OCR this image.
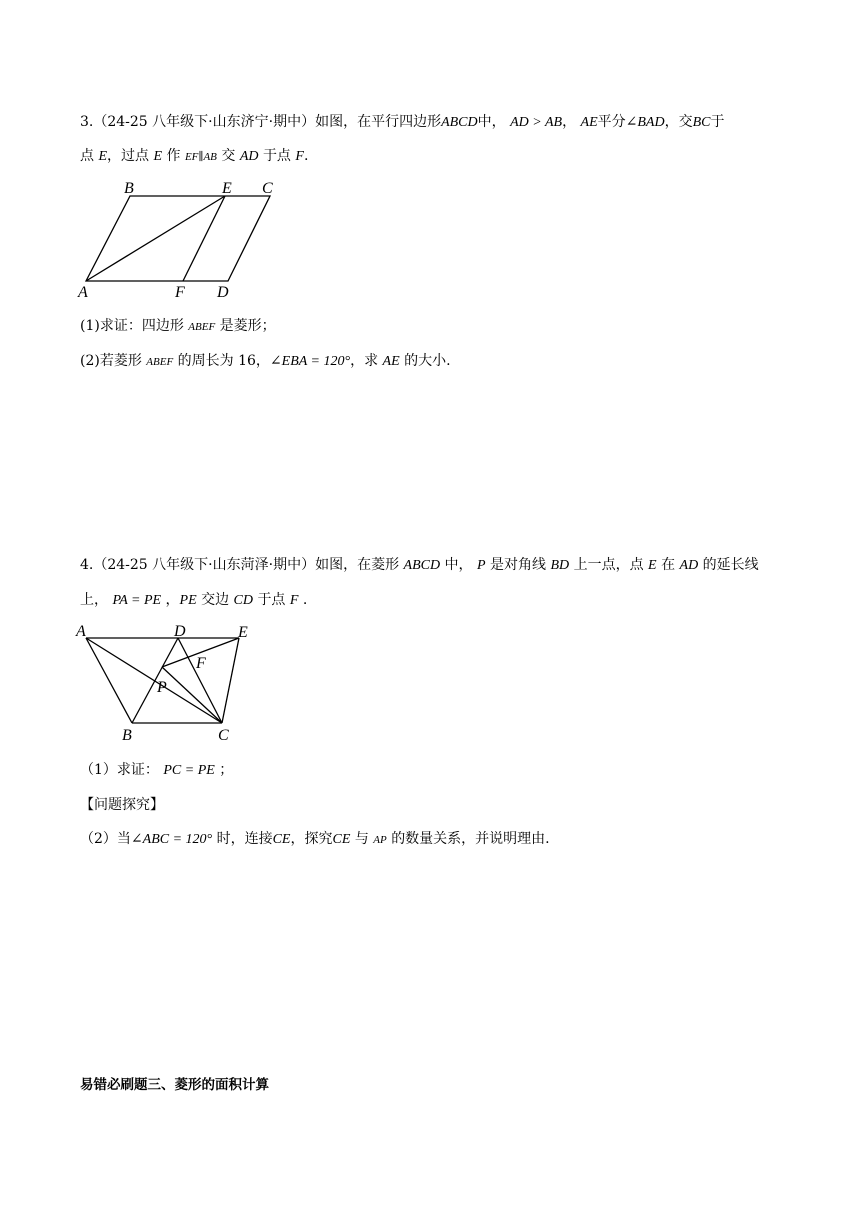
3.（24-25 八年级下·山东济宁·期中）如图，在平行四边形ABCD中， AD > AB， AE平分∠BAD，交BC于
点 E，过点 E 作 EF∥AB 交 AD 于点 F.
B	E C
A	F D
(1)求证：四边形 ABEF 是菱形；
(2)若菱形 ABEF 的周长为 16，∠EBA = 120°，求 AE 的大小.
4.（24-25 八年级下·山东菏泽·期中）如图，在菱形 ABCD 中， P 是对角线 BD 上一点，点 E 在 AD 的延长线
上， PA = PE ，PE 交边 CD 于点 F .
A	D	E
F
P
B	C
（1）求证： PC = PE ；
【问题探究】
（2）当∠ABC = 120° 时，连接CE，探究CE 与 AP 的数量关系，并说明理由.
易错必刷题三、菱形的面积计算
